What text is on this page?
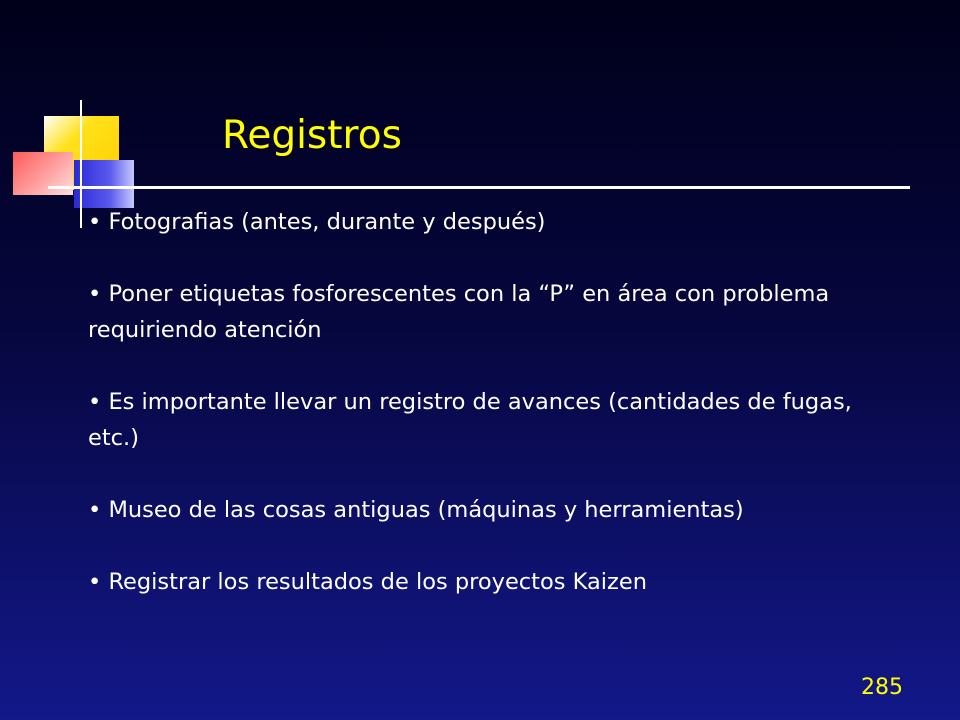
Registros
• Fotografias (antes, durante y después)
• Poner etiquetas fosforescentes con la “P” en área con problema requiriendo atención
• Es importante llevar un registro de avances (cantidades de fugas, etc.)
• Museo de las cosas antiguas (máquinas y herramientas)
• Registrar los resultados de los proyectos Kaizen
285
